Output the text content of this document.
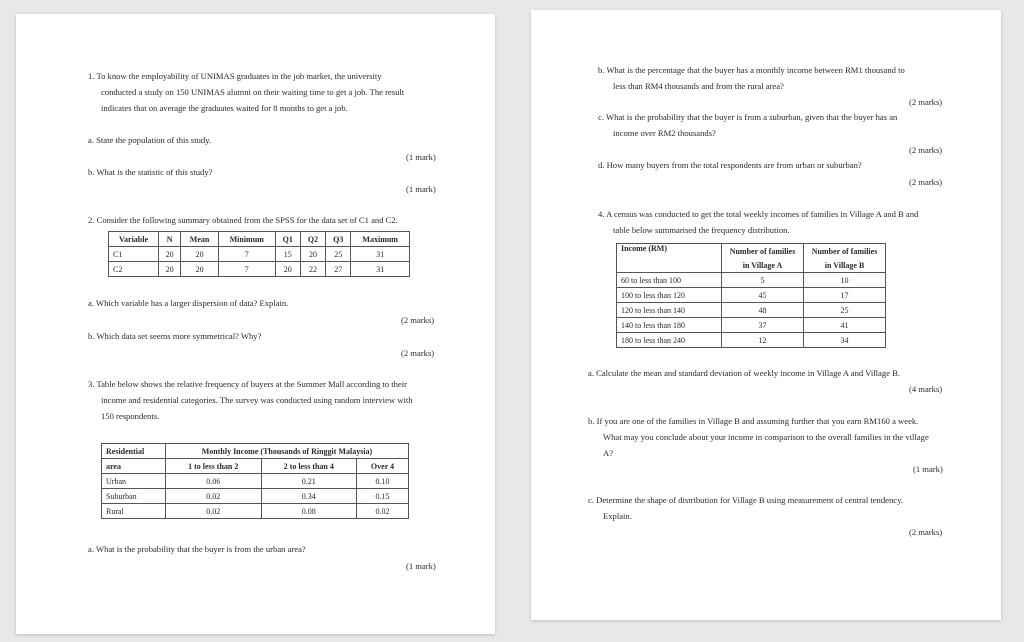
1. To know the employability of UNIMAS graduates in the job market, the university
conducted a study on 150 UNIMAS alumni on their waiting time to get a job. The result
indicates that on average the graduates waited for 8 months to get a job.
a. State the population of this study.
(1 mark)
b. What is the statistic of this study?
(1 mark)
2. Consider the following summary obtained from the SPSS for the data set of C1 and C2.
Variable	N	Mean	Minimum	Q1	Q2	Q3	Maximum
C1	20	20	7	15	20	25	31
C2	20	20	7	20	22	27	31
a. Which variable has a larger dispersion of data? Explain.
(2 marks)
b. Which data set seems more symmetrical? Why?
(2 marks)
3. Table below shows the relative frequency of buyers at the Summer Mall according to their
income and residential categories. The survey was conducted using random interview with
150 respondents.
Residential	Monthly Income (Thousands of Ringgit Malaysia)		
area	1 to less than 2	2 to less than 4	Over 4
Urban	0.06	0.21	0.10
Suburban	0.02	0.34	0.15
Rural	0.02	0.08	0.02
a. What is the probability that the buyer is from the urban area?
(1 mark)
b. What is the percentage that the buyer has a monthly income between RM1 thousand to
less than RM4 thousands and from the rural area?
(2 marks)
c. What is the probability that the buyer is from a suburban, given that the buyer has an
income over RM2 thousands?
(2 marks)
d. How many buyers from the total respondents are from urban or suburban?
(2 marks)
4. A census was conducted to get the total weekly incomes of families in Village A and B and
table below summarised the frequency distribution.
Income (RM)	Number of families	Number of families
	in Village A	in Village B
60 to less than 100	5	10
100 to less than 120	45	17
120 to less than 140	48	25
140 to less than 180	37	41
180 to less than 240	12	34
a. Calculate the mean and standard deviation of weekly income in Village A and Village B.
(4 marks)
b. If you are one of the families in Village B and assuming further that you earn RM160 a week.
What may you conclude about your income in comparison to the overall families in the village
A?
(1 mark)
c. Determine the shape of distribution for Village B using measurement of central tendency.
Explain.
(2 marks)
